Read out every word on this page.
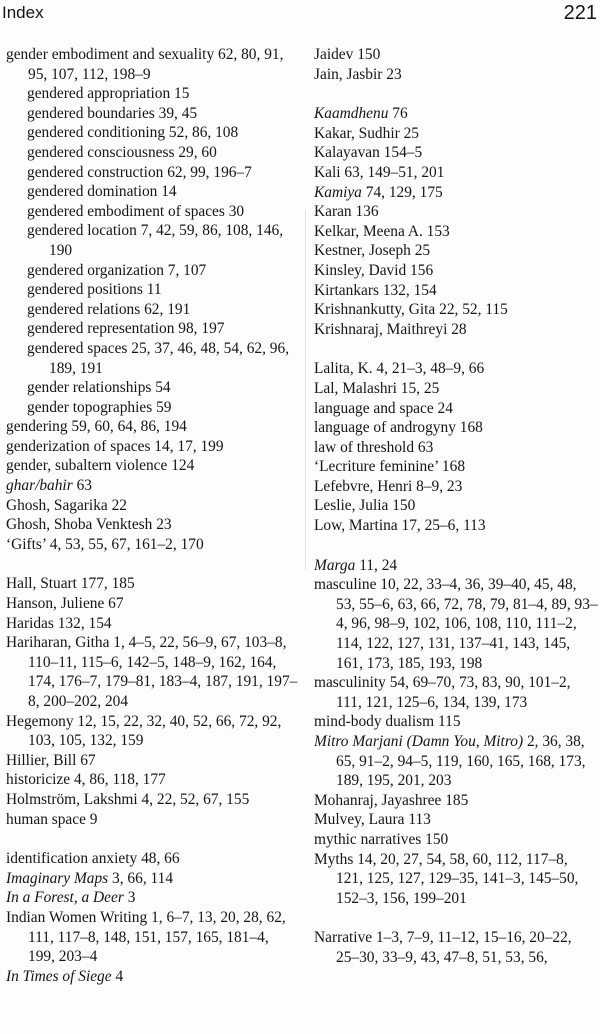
Index	221

gender embodiment and sexuality 62, 80, 91, 95, 107, 112, 198–9

gendered appropriation 15

gendered boundaries 39, 45

gendered conditioning 52, 86, 108

gendered consciousness 29, 60

gendered construction 62, 99, 196–7

gendered domination 14

gendered embodiment of spaces 30

gendered location 7, 42, 59, 86, 108, 146, 190

gendered organization 7, 107

gendered positions 11

gendered relations 62, 191

gendered representation 98, 197

gendered spaces 25, 37, 46, 48, 54, 62, 96, 189, 191

gender relationships 54

gender topographies 59

gendering 59, 60, 64, 86, 194

genderization of spaces 14, 17, 199

gender, subaltern violence 124

ghar/bahir 63

Ghosh, Sagarika 22

Ghosh, Shoba Venktesh 23

‘Gifts’ 4, 53, 55, 67, 161–2, 170

Hall, Stuart 177, 185

Hanson, Juliene 67

Haridas 132, 154

Hariharan, Githa 1, 4–5, 22, 56–9, 67, 103–8, 110–11, 115–6, 142–5, 148–9, 162, 164, 174, 176–7, 179–81, 183–4, 187, 191, 197–8, 200–202, 204

Hegemony 12, 15, 22, 32, 40, 52, 66, 72, 92, 103, 105, 132, 159

Hillier, Bill 67

historicize 4, 86, 118, 177

Holmström, Lakshmi 4, 22, 52, 67, 155

human space 9

identification anxiety 48, 66

Imaginary Maps 3, 66, 114

In a Forest, a Deer 3

Indian Women Writing 1, 6–7, 13, 20, 28, 62, 111, 117–8, 148, 151, 157, 165, 181–4, 199, 203–4

In Times of Siege 4

Jaidev 150

Jain, Jasbir 23

Kaamdhenu 76

Kakar, Sudhir 25

Kalayavan 154–5

Kali 63, 149–51, 201

Kamiya 74, 129, 175

Karan 136

Kelkar, Meena A. 153

Kestner, Joseph 25

Kinsley, David 156

Kirtankars 132, 154

Krishnankutty, Gita 22, 52, 115

Krishnaraj, Maithreyi 28

Lalita, K. 4, 21–3, 48–9, 66

Lal, Malashri 15, 25

language and space 24

language of androgyny 168

law of threshold 63

‘Lecriture feminine’ 168

Lefebvre, Henri 8–9, 23

Leslie, Julia 150

Low, Martina 17, 25–6, 113

Marga 11, 24

masculine 10, 22, 33–4, 36, 39–40, 45, 48, 53, 55–6, 63, 66, 72, 78, 79, 81–4, 89, 93–4, 96, 98–9, 102, 106, 108, 110, 111–2, 114, 122, 127, 131, 137–41, 143, 145, 161, 173, 185, 193, 198

masculinity 54, 69–70, 73, 83, 90, 101–2, 111, 121, 125–6, 134, 139, 173

mind-body dualism 115

Mitro Marjani (Damn You, Mitro) 2, 36, 38, 65, 91–2, 94–5, 119, 160, 165, 168, 173, 189, 195, 201, 203

Mohanraj, Jayashree 185

Mulvey, Laura 113

mythic narratives 150

Myths 14, 20, 27, 54, 58, 60, 112, 117–8, 121, 125, 127, 129–35, 141–3, 145–50, 152–3, 156, 199–201

Narrative 1–3, 7–9, 11–12, 15–16, 20–22, 25–30, 33–9, 43, 47–8, 51, 53, 56,
